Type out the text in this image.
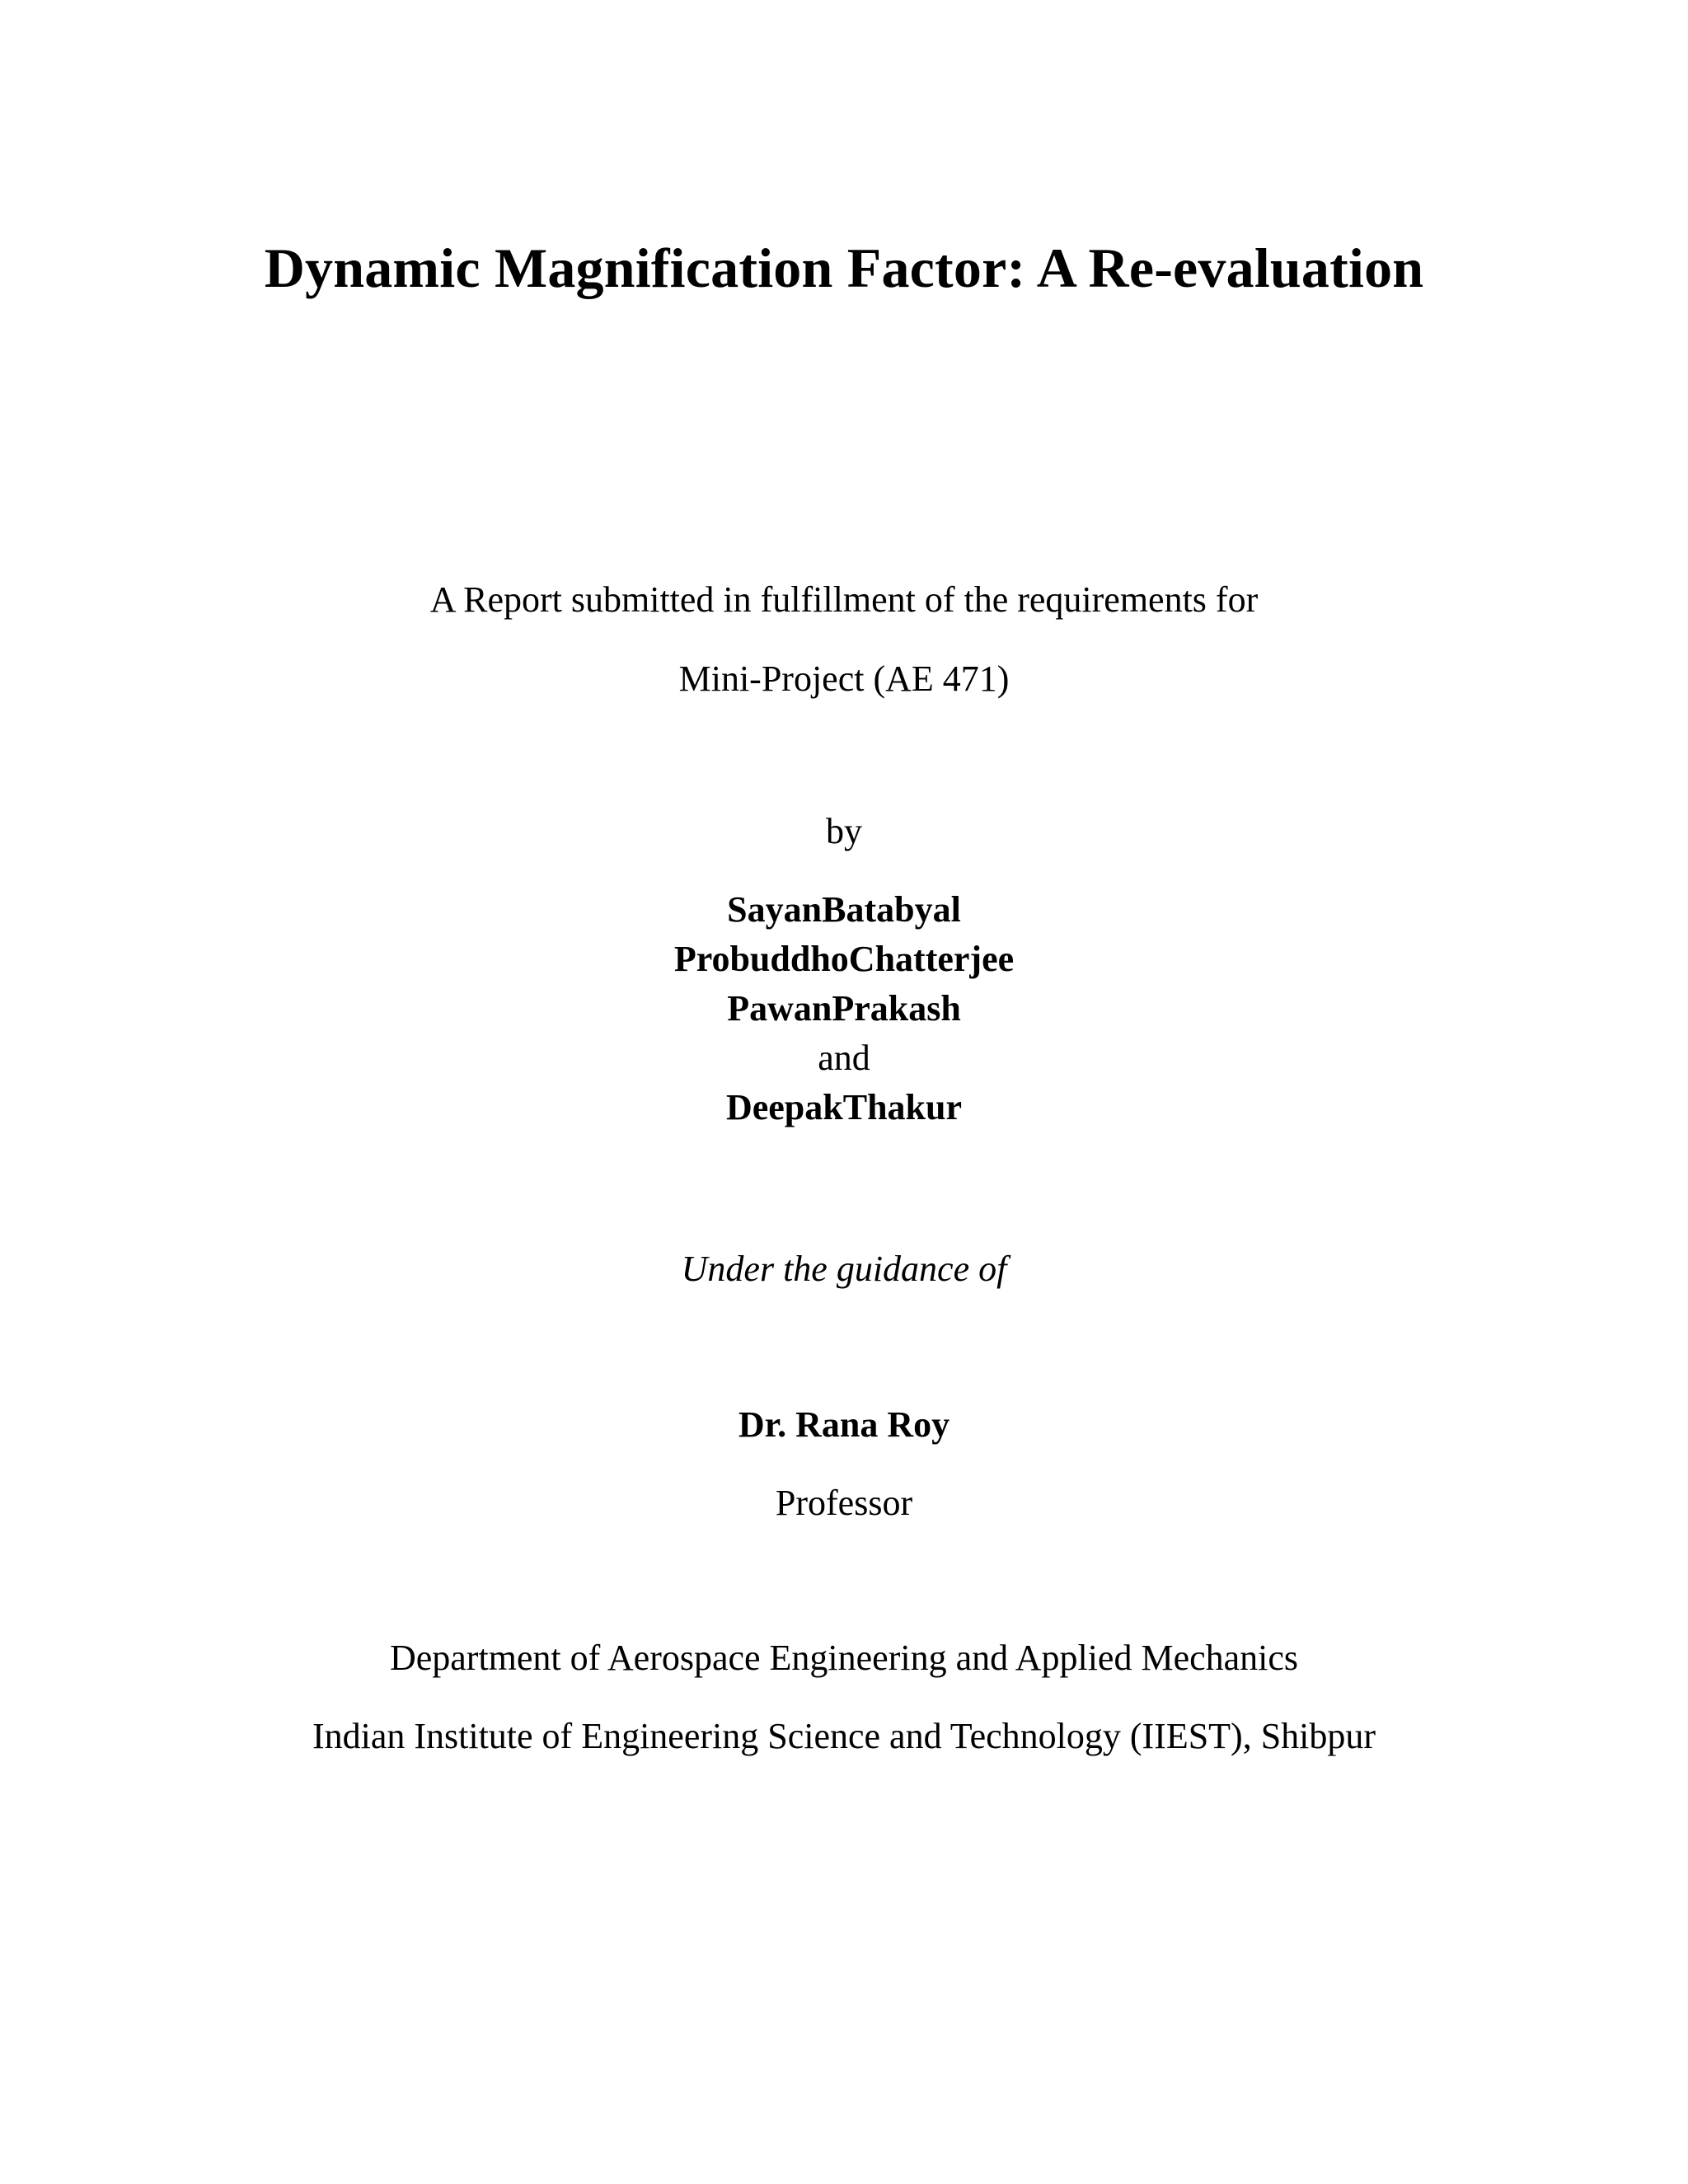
Dynamic Magnification Factor: A Re-evaluation
A Report submitted in fulfillment of the requirements for
Mini-Project (AE 471)
by
SayanBatabyal
ProbuddhoChatterjee
PawanPrakash
and
DeepakThakur
Under the guidance of
Dr. Rana Roy
Professor
Department of Aerospace Engineering and Applied Mechanics
Indian Institute of Engineering Science and Technology (IIEST), Shibpur
